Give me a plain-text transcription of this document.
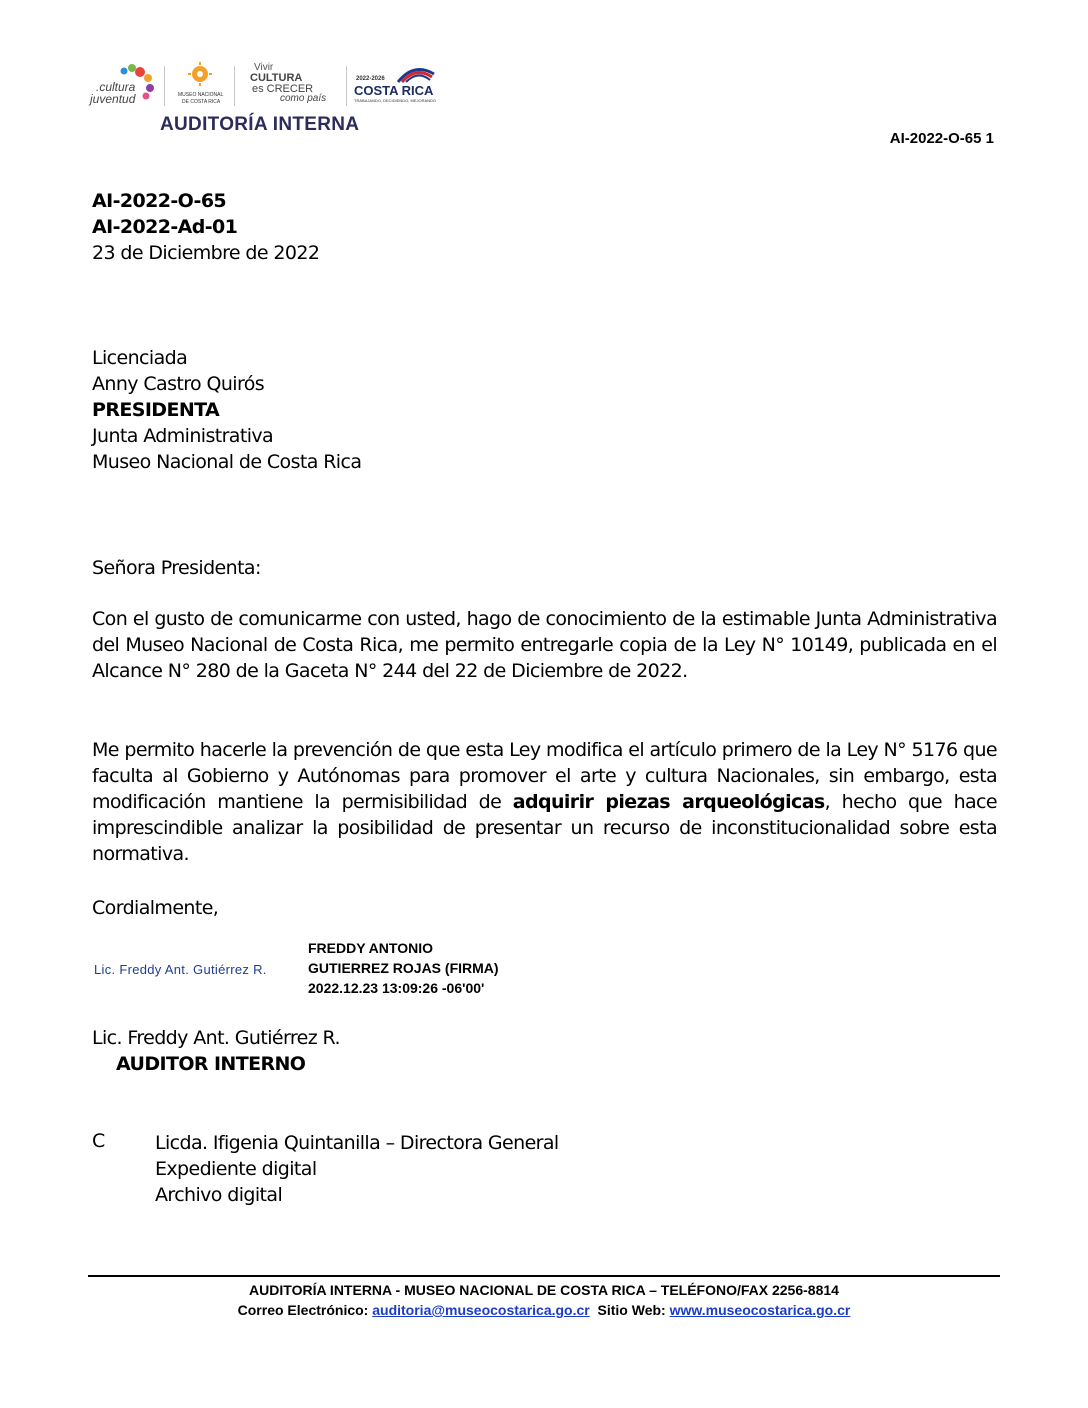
.cultura
juventud	MUSEO NACIONAL
DE COSTA RICA
Vivir
CULTURA
es CRECER
como país
2022-2026
COSTA RICA
TRABAJANDO, DECIDIENDO, MEJORANDO
AUDITORÍA INTERNA
AI-2022-O-65 1
AI-2022-O-65
AI-2022-Ad-01
23 de Diciembre de 2022
Licenciada
Anny Castro Quirós
PRESIDENTA
Junta Administrativa
Museo Nacional de Costa Rica
Señora Presidenta:
Con el gusto de comunicarme con usted, hago de conocimiento de la estimable Junta Administrativa del Museo Nacional de Costa Rica, me permito entregarle copia de la Ley N° 10149, publicada en el Alcance N° 280 de la Gaceta N° 244 del 22 de Diciembre de 2022.
Me permito hacerle la prevención de que esta Ley modifica el artículo primero de la Ley N° 5176 que faculta al Gobierno y Autónomas para promover el arte y cultura Nacionales, sin embargo, esta modificación mantiene la permisibilidad de adquirir piezas arqueológicas, hecho que hace imprescindible analizar la posibilidad de presentar un recurso de inconstitucionalidad sobre esta normativa.
Cordialmente,
Lic. Freddy Ant. Gutiérrez R.
FREDDY ANTONIO
GUTIERREZ ROJAS (FIRMA)
2022.12.23 13:09:26 -06'00'
Lic. Freddy Ant. Gutiérrez R.
AUDITOR INTERNO
C	Licda. Ifigenia Quintanilla – Directora General
Expediente digital
Archivo digital
AUDITORÍA INTERNA - MUSEO NACIONAL DE COSTA RICA – TELÉFONO/FAX 2256-8814
Correo Electrónico: auditoria@museocostarica.go.cr Sitio Web: www.museocostarica.go.cr
